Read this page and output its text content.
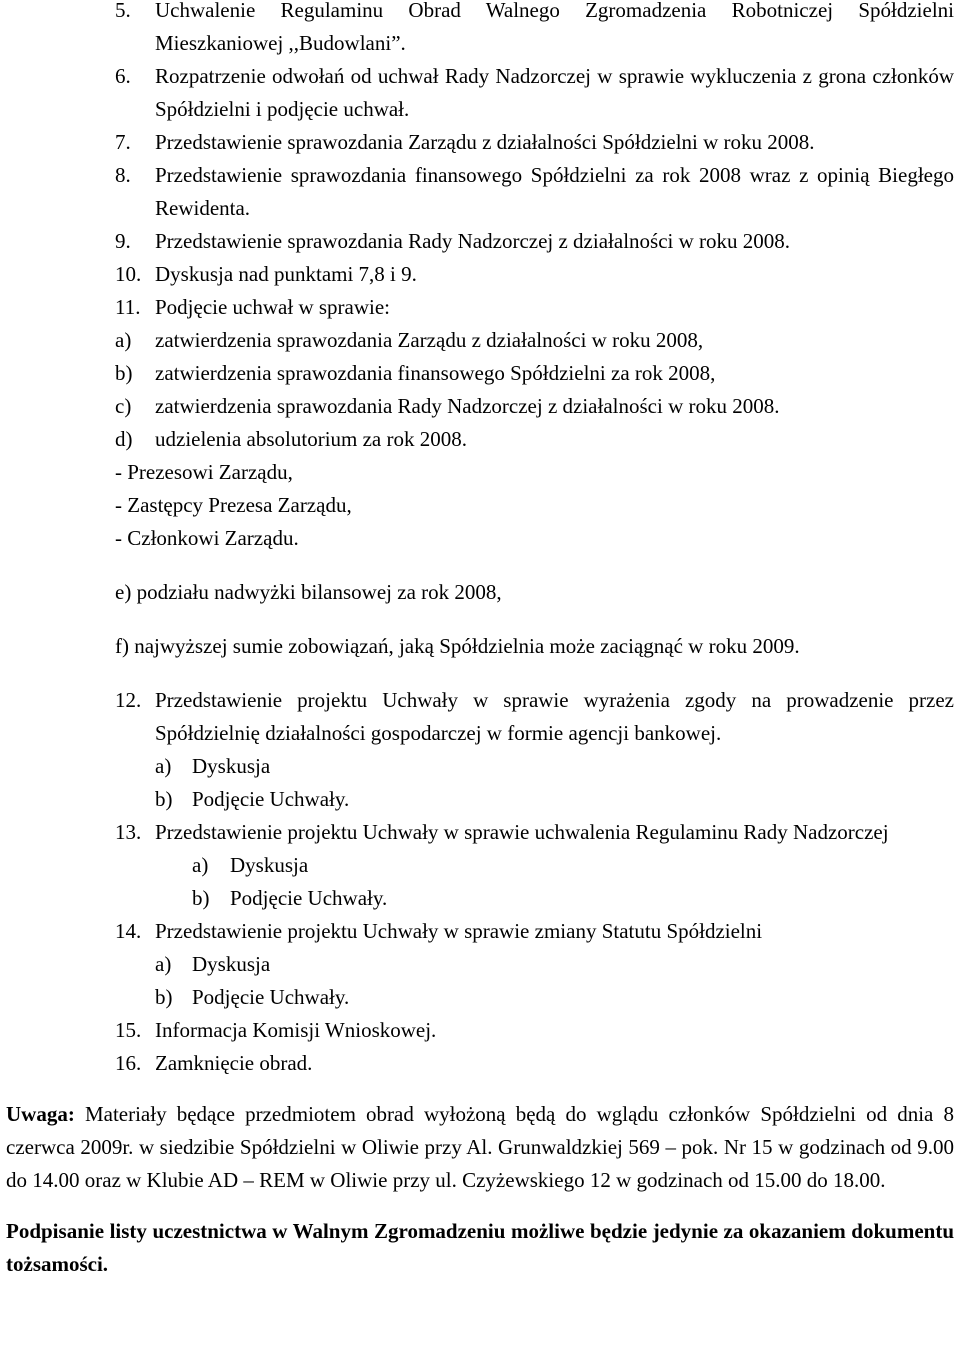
5. Uchwalenie Regulaminu Obrad Walnego Zgromadzenia Robotniczej Spółdzielni Mieszkaniowej ,,Budowlani”.
6. Rozpatrzenie odwołań od uchwał Rady Nadzorczej w sprawie wykluczenia z grona członków Spółdzielni i podjęcie uchwał.
7. Przedstawienie sprawozdania Zarządu z działalności Spółdzielni w roku 2008.
8. Przedstawienie sprawozdania finansowego Spółdzielni za rok 2008 wraz z opinią Biegłego Rewidenta.
9. Przedstawienie sprawozdania Rady Nadzorczej z działalności w roku 2008.
10. Dyskusja nad punktami 7,8 i 9.
11. Podjęcie uchwał w sprawie:
a) zatwierdzenia sprawozdania Zarządu z działalności w roku 2008,
b) zatwierdzenia sprawozdania finansowego Spółdzielni za rok 2008,
c) zatwierdzenia sprawozdania Rady Nadzorczej z działalności w roku 2008.
d) udzielenia absolutorium za rok 2008.
- Prezesowi Zarządu,
- Zastępcy Prezesa Zarządu,
- Członkowi Zarządu.
e) podziału nadwyżki bilansowej za rok 2008,
f) najwyższej sumie zobowiązań, jaką Spółdzielnia może zaciągnąć w roku 2009.
12. Przedstawienie projektu Uchwały w sprawie wyrażenia zgody na prowadzenie przez Spółdzielnię działalności gospodarczej w formie agencji bankowej.
a) Dyskusja
b) Podjęcie Uchwały.
13. Przedstawienie projektu Uchwały w sprawie uchwalenia Regulaminu Rady Nadzorczej
a) Dyskusja
b) Podjęcie Uchwały.
14. Przedstawienie projektu Uchwały w sprawie zmiany Statutu Spółdzielni
a) Dyskusja
b) Podjęcie Uchwały.
15. Informacja Komisji Wnioskowej.
16. Zamknięcie obrad.
Uwaga: Materiały będące przedmiotem obrad wyłożoną będą do wglądu członków Spółdzielni od dnia 8 czerwca 2009r. w siedzibie Spółdzielni w Oliwie przy Al. Grunwaldzkiej 569 – pok. Nr 15 w godzinach od 9.00 do 14.00 oraz w Klubie AD – REM w Oliwie przy ul. Czyżewskiego 12 w godzinach od 15.00 do 18.00.
Podpisanie listy uczestnictwa w Walnym Zgromadzeniu możliwe będzie jedynie za okazaniem dokumentu tożsamości.
